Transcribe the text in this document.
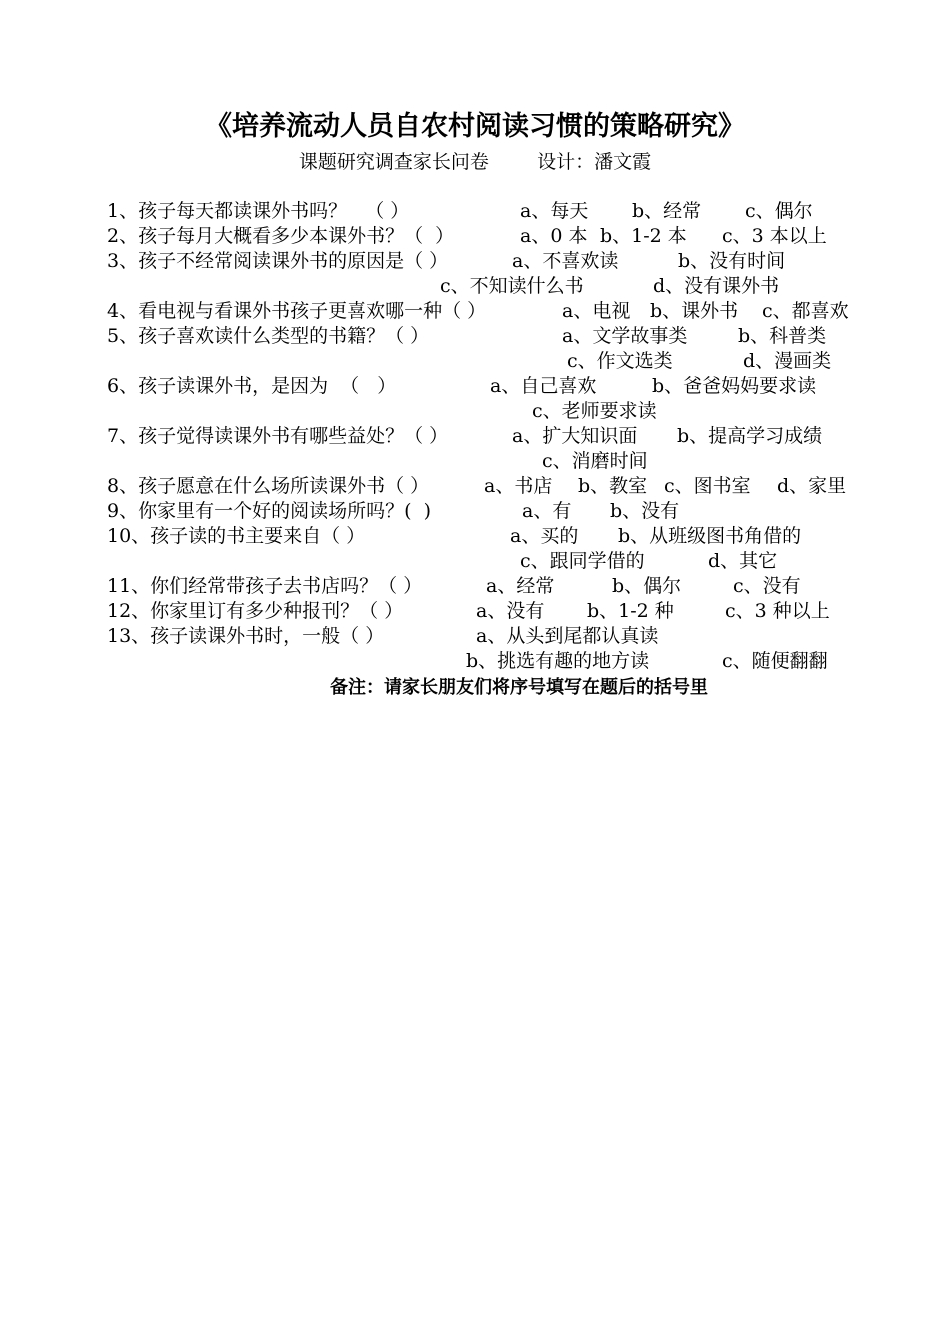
《培养流动人员自农村阅读习惯的策略研究》
课题研究调查家长问卷        设计：潘文霞
1、孩子每天都读课外书吗？   （ ）	a、每天 b、经常 c、偶尔
2、孩子每月大概看多少本课外书？（  ）	a、0 本 b、1-2 本 c、3 本以上
3、孩子不经常阅读课外书的原因是（ ）	a、不喜欢读	b、没有时间
c、不知读什么书	d、没有课外书
4、看电视与看课外书孩子更喜欢哪一种（ ）	a、电视 b、课外书 c、都喜欢
5、孩子喜欢读什么类型的书籍？（ ）	a、文学故事类	b、科普类
c、作文选类	d、漫画类
6、孩子读课外书，是因为  （   ）	a、自己喜欢	b、爸爸妈妈要求读
c、老师要求读
7、孩子觉得读课外书有哪些益处？（ ）	a、扩大知识面 b、提高学习成绩
c、消磨时间
8、孩子愿意在什么场所读课外书（ ）	a、书店 b、教室 c、图书室 d、家里
9、你家里有一个好的阅读场所吗？(  )	a、有 b、没有
10、孩子读的书主要来自（ ）	a、买的 b、从班级图书角借的
c、跟同学借的	d、其它
11、你们经常带孩子去书店吗？（ ）	a、经常	b、偶尔	c、没有
12、你家里订有多少种报刊？（ ）	a、没有 b、1-2 种	c、3 种以上
13、孩子读课外书时，一般（ ）	a、从头到尾都认真读
b、挑选有趣的地方读	c、随便翻翻
备注：请家长朋友们将序号填写在题后的括号里
